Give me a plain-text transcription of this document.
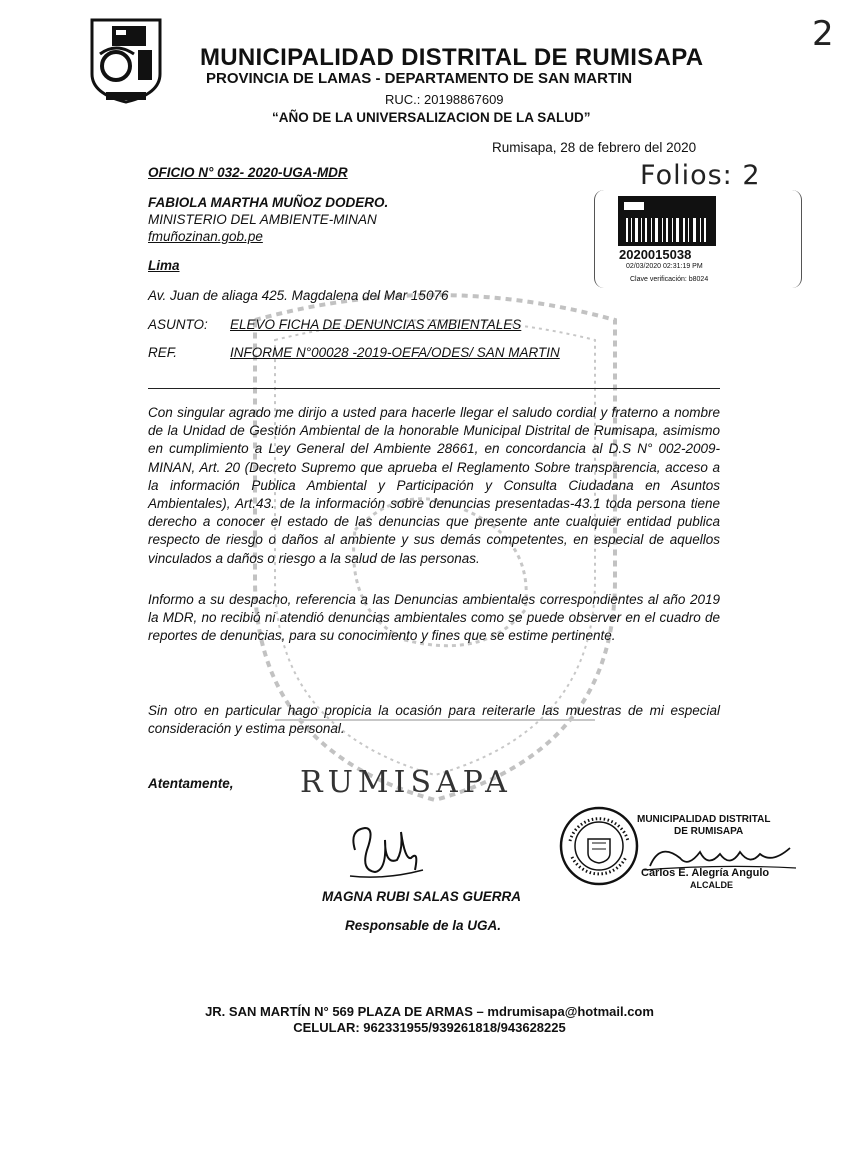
RUMISAPA
MUNICIPALIDAD DISTRITAL DE RUMISAPA
PROVINCIA DE LAMAS - DEPARTAMENTO DE SAN MARTIN
RUC.: 20198867609
“AÑO DE LA UNIVERSALIZACION DE LA SALUD”
2
Rumisapa, 28 de febrero del 2020
Folios: 2
OFICIO N° 032- 2020-UGA-MDR
FABIOLA MARTHA MUÑOZ DODERO.
MINISTERIO DEL AMBIENTE-MINAN
fmuñozinan.gob.pe
Lima
Av. Juan de aliaga 425. Magdalena del Mar 15076
ASUNTO: ELEVO FICHA DE DENUNCIAS AMBIENTALES
REF.	INFORME N°00028 -2019-OEFA/ODES/ SAN MARTIN
2020015038
02/03/2020 02:31:19 PM
Clave verificación: b8024
Con singular agrado me dirijo a usted para hacerle llegar el saludo cordial y fraterno a nombre de la Unidad de Gestión Ambiental de la honorable Municipal Distrital de Rumisapa, asimismo en cumplimiento a Ley General del Ambiente 28661, en concordancia al D.S N° 002-2009- MINAN, Art. 20 (Decreto Supremo que aprueba el Reglamento Sobre transparencia, acceso a la información Publica Ambiental y Participación y Consulta Ciudadana en Asuntos Ambientales), Art.43. de la información sobre denuncias presentadas-43.1 toda persona tiene derecho a conocer el estado de las denuncias que presente ante cualquier entidad publica respecto de riesgo o daños al ambiente y sus demás competentes, en especial de aquellos vinculados a daños o riesgo a la salud de las personas.
Informo a su despacho, referencia a las Denuncias ambientales correspondientes al año 2019 la MDR, no recibió ni atendió denuncias ambientales como se puede observer en el cuadro de reportes de denuncias, para su conocimiento y fines que se estime pertinente.
Sin otro en particular hago propicia la ocasión para reiterarle las muestras de mi especial consideración y estima personal.
Atentamente,
MAGNA RUBI SALAS GUERRA
Responsable de la UGA.
MUNICIPALIDAD DISTRITAL
DE RUMISAPA
Carlos E. Alegría Angulo
ALCALDE
JR. SAN MARTÍN N° 569 PLAZA DE ARMAS – mdrumisapa@hotmail.com
CELULAR: 962331955/939261818/943628225
